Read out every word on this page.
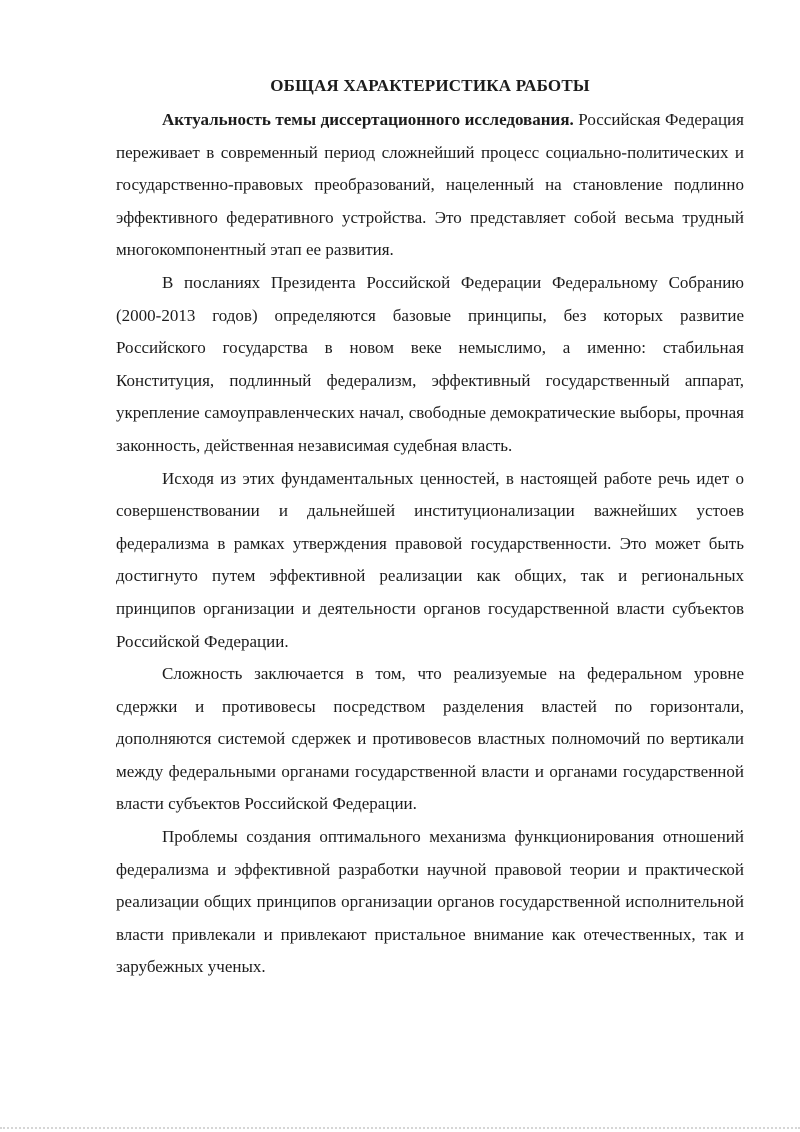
ОБЩАЯ ХАРАКТЕРИСТИКА РАБОТЫ

Актуальность темы диссертационного исследования. Российская Федерация переживает в современный период сложнейший процесс социально-политических и государственно-правовых преобразований, нацеленный на становление подлинно эффективного федеративного устройства. Это представляет собой весьма трудный многокомпонентный этап ее развития.

В посланиях Президента Российской Федерации Федеральному Собранию (2000-2013 годов) определяются базовые принципы, без которых развитие Российского государства в новом веке немыслимо, а именно: стабильная Конституция, подлинный федерализм, эффективный государственный аппарат, укрепление самоуправленческих начал, свободные демократические выборы, прочная законность, действенная независимая судебная власть.

Исходя из этих фундаментальных ценностей, в настоящей работе речь идет о совершенствовании и дальнейшей институционализации важнейших устоев федерализма в рамках утверждения правовой государственности. Это может быть достигнуто путем эффективной реализации как общих, так и региональных принципов организации и деятельности органов государственной власти субъектов Российской Федерации.

Сложность заключается в том, что реализуемые на федеральном уровне сдержки и противовесы посредством разделения властей по горизонтали, дополняются системой сдержек и противовесов властных полномочий по вертикали между федеральными органами государственной власти и органами государственной власти субъектов Российской Федерации.

Проблемы создания оптимального механизма функционирования отношений федерализма и эффективной разработки научной правовой теории и практической реализации общих принципов организации органов государственной исполнительной власти привлекали и привлекают пристальное внимание как отечественных, так и зарубежных ученых.
